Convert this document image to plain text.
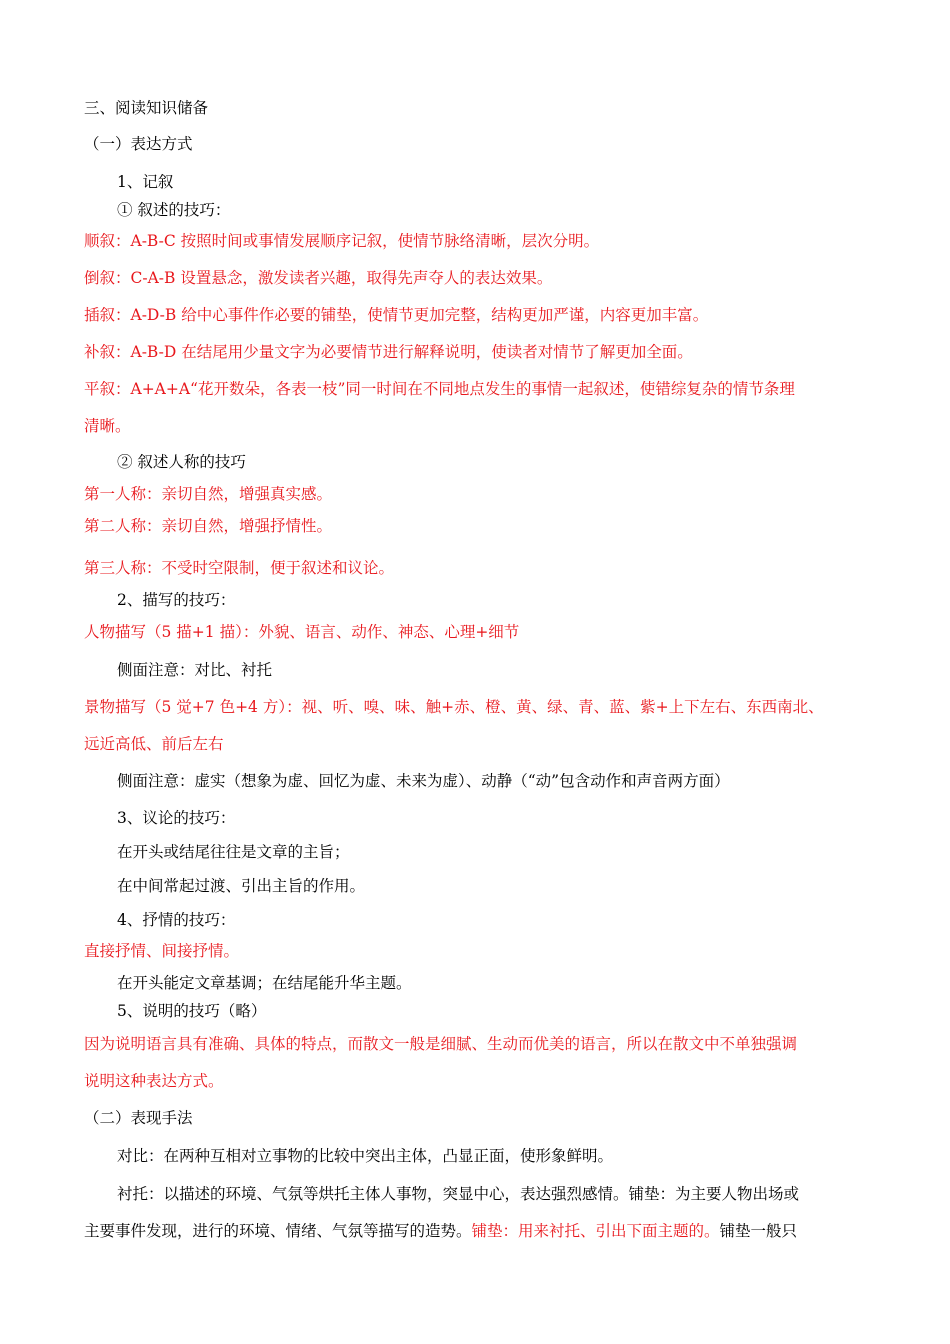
三、阅读知识储备
（一）表达方式
1、记叙
① 叙述的技巧：
顺叙：A-B-C 按照时间或事情发展顺序记叙，使情节脉络清晰，层次分明。
倒叙：C-A-B 设置悬念，激发读者兴趣，取得先声夺人的表达效果。
插叙：A-D-B 给中心事件作必要的铺垫，使情节更加完整，结构更加严谨，内容更加丰富。
补叙：A-B-D 在结尾用少量文字为必要情节进行解释说明，使读者对情节了解更加全面。
平叙：A+A+A“花开数朵，各表一枝”同一时间在不同地点发生的事情一起叙述，使错综复杂的情节条理
清晰。
② 叙述人称的技巧
第一人称：亲切自然，增强真实感。
第二人称：亲切自然，增强抒情性。
第三人称：不受时空限制，便于叙述和议论。
2、描写的技巧：
人物描写（5 描+1 描）：外貌、语言、动作、神态、心理+细节
侧面注意：对比、衬托
景物描写（5 觉+7 色+4 方）：视、听、嗅、味、触+赤、橙、黄、绿、青、蓝、紫+上下左右、东西南北、
远近高低、前后左右
侧面注意：虚实（想象为虚、回忆为虚、未来为虚）、动静（“动”包含动作和声音两方面）
3、议论的技巧：
在开头或结尾往往是文章的主旨；
在中间常起过渡、引出主旨的作用。
4、抒情的技巧：
直接抒情、间接抒情。
在开头能定文章基调；在结尾能升华主题。
5、说明的技巧（略）
因为说明语言具有准确、具体的特点，而散文一般是细腻、生动而优美的语言，所以在散文中不单独强调
说明这种表达方式。
（二）表现手法
对比：在两种互相对立事物的比较中突出主体，凸显正面，使形象鲜明。
衬托：以描述的环境、气氛等烘托主体人事物，突显中心，表达强烈感情。铺垫：为主要人物出场或
主要事件发现，进行的环境、情绪、气氛等描写的造势。铺垫：用来衬托、引出下面主题的。铺垫一般只
